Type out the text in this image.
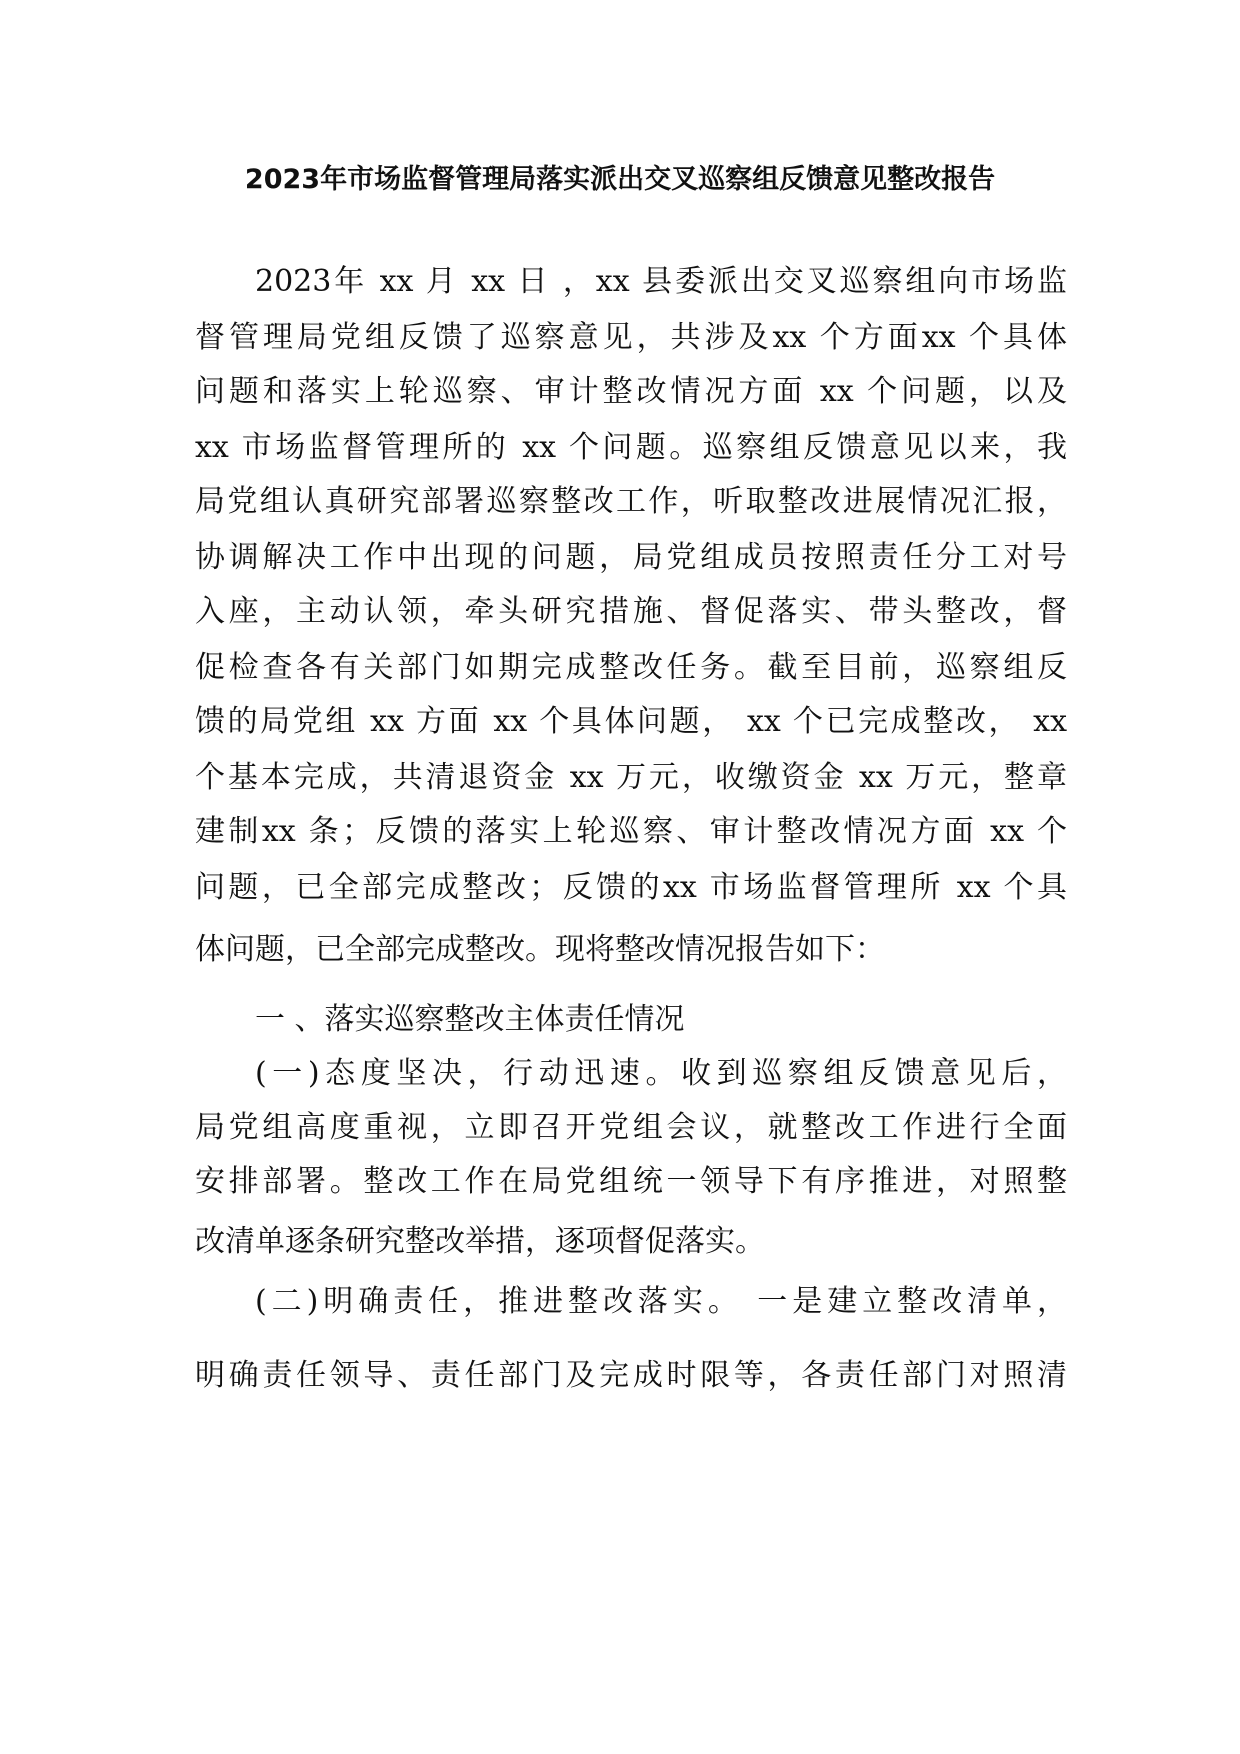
2023年市场监督管理局落实派出交叉巡察组反馈意见整改报告
2023年 xx 月 xx 日 ，xx 县委派出交叉巡察组向市场监
督管理局党组反馈了巡察意见，共涉及xx 个方面xx 个具体
问题和落实上轮巡察、审计整改情况方面 xx 个问题，以及
xx 市场监督管理所的 xx 个问题。巡察组反馈意见以来，我
局党组认真研究部署巡察整改工作，听取整改进展情况汇报，
协调解决工作中出现的问题，局党组成员按照责任分工对号
入座，主动认领，牵头研究措施、督促落实、带头整改，督
促检查各有关部门如期完成整改任务。截至目前，巡察组反
馈的局党组 xx 方面 xx 个具体问题， xx 个已完成整改， xx
个基本完成，共清退资金 xx 万元，收缴资金 xx 万元，整章
建制xx 条；反馈的落实上轮巡察、审计整改情况方面 xx 个
问题，已全部完成整改；反馈的xx 市场监督管理所 xx 个具
体问题，已全部完成整改。现将整改情况报告如下：
一 、落实巡察整改主体责任情况
(一)态度坚决，行动迅速。收到巡察组反馈意见后，
局党组高度重视，立即召开党组会议，就整改工作进行全面
安排部署。整改工作在局党组统一领导下有序推进，对照整
改清单逐条研究整改举措，逐项督促落实。
(二)明确责任，推进整改落实。 一是建立整改清单，
明确责任领导、责任部门及完成时限等，各责任部门对照清
